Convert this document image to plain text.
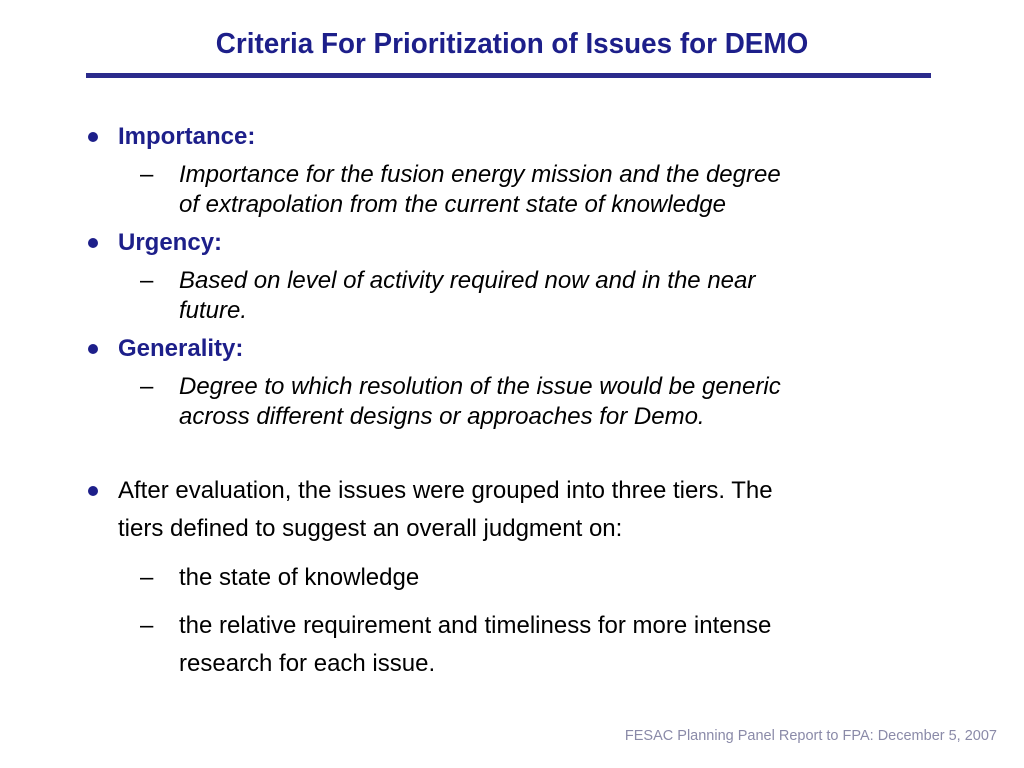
Criteria For Prioritization of Issues for DEMO
Importance:
– Importance for the fusion energy mission and the degree
of extrapolation from the current state of knowledge
Urgency:
– Based on level of activity required now and in the near
future.
Generality:
– Degree to which resolution of the issue would be generic
across different designs or approaches for Demo.
After evaluation, the issues were grouped into three tiers. The
tiers defined to suggest an overall judgment on:
– the state of knowledge
– the relative requirement and timeliness for more intense
research for each issue.
FESAC Planning Panel Report to FPA: December 5, 2007
